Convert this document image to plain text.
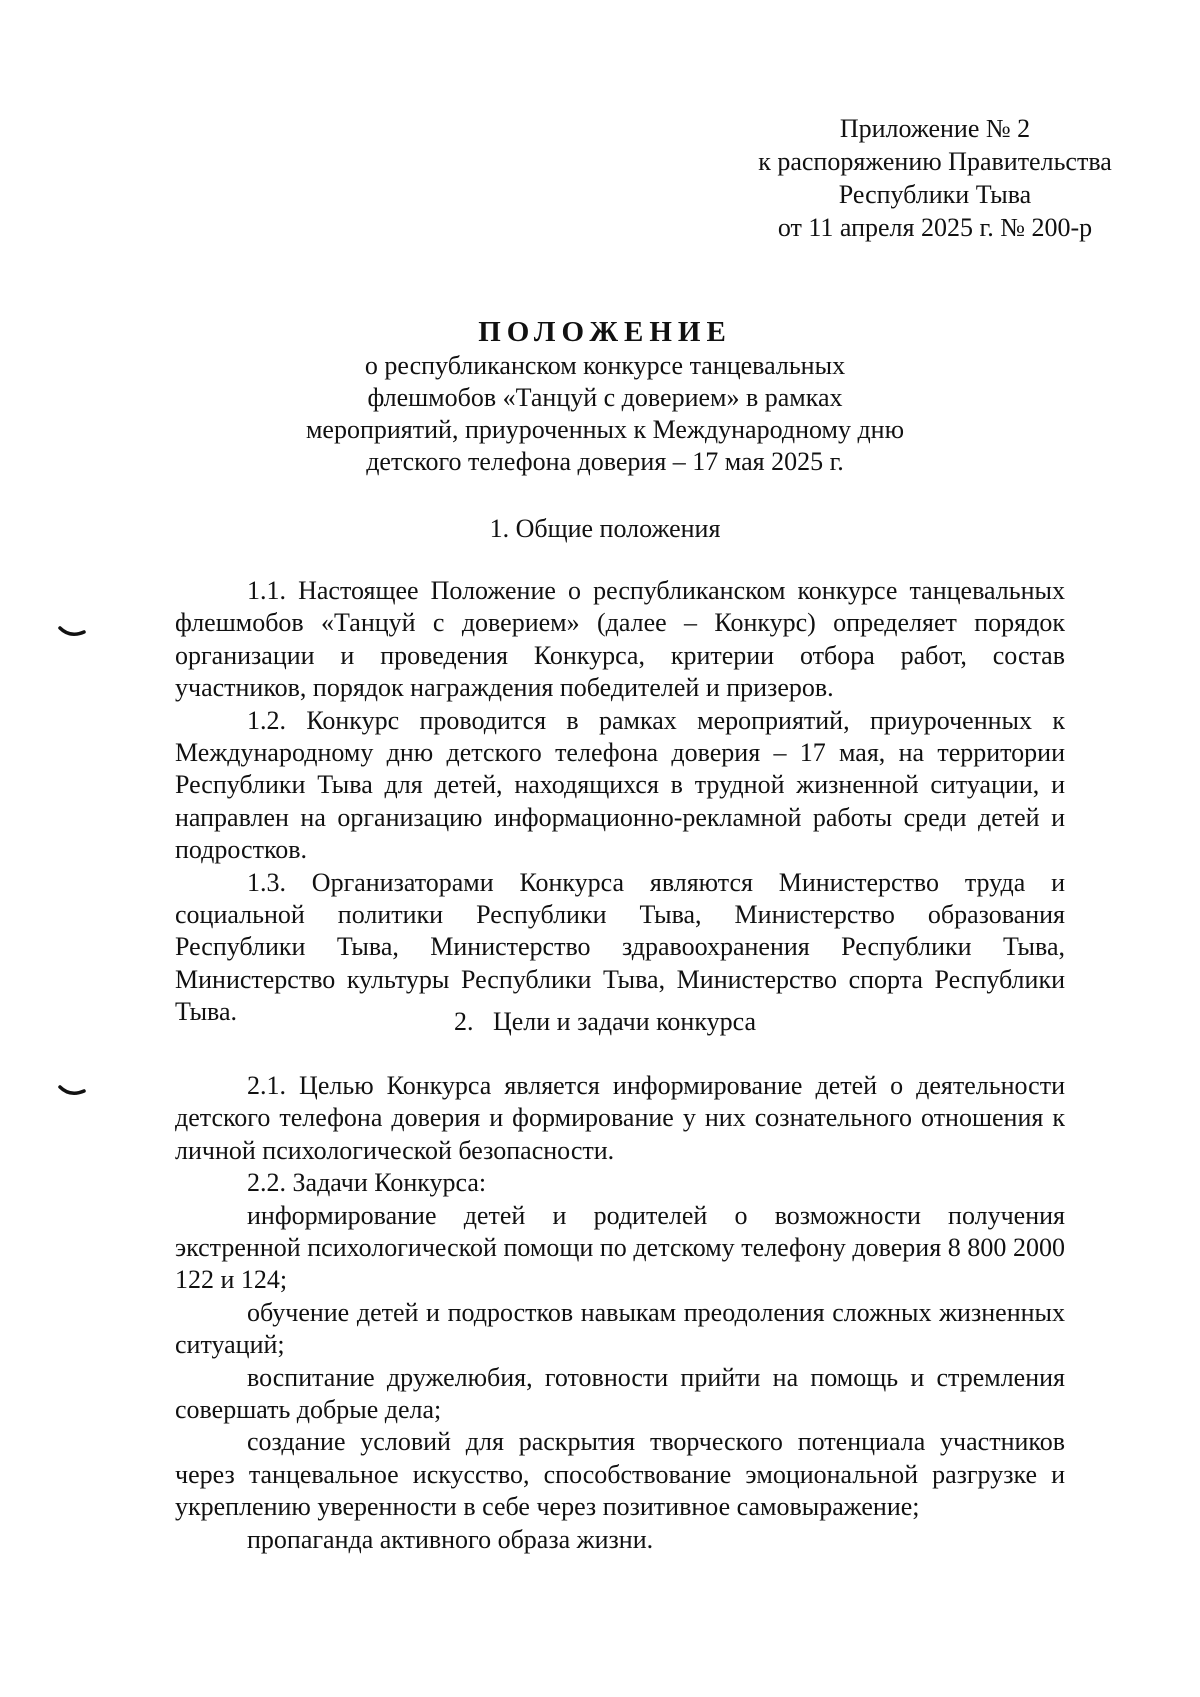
Приложение № 2
к распоряжению Правительства
Республики Тыва
от 11 апреля 2025 г. № 200-р
ПОЛОЖЕНИЕ
о республиканском конкурсе танцевальных
флешмобов «Танцуй с доверием» в рамках
мероприятий, приуроченных к Международному дню
детского телефона доверия – 17 мая 2025 г.
1. Общие положения

1.1. Настоящее Положение о республиканском конкурсе танцевальных флешмобов «Танцуй с доверием» (далее – Конкурс) определяет порядок организации и проведения Конкурса, критерии отбора работ, состав участников, порядок награждения победителей и призеров.

1.2. Конкурс проводится в рамках мероприятий, приуроченных к Международному дню детского телефона доверия – 17 мая, на территории Республики Тыва для детей, находящихся в трудной жизненной ситуации, и направлен на организацию информационно-рекламной работы среди детей и подростков.

1.3. Организаторами Конкурса являются Министерство труда и социальной политики Республики Тыва, Министерство образования Республики Тыва, Министерство здравоохранения Республики Тыва, Министерство культуры Республики Тыва, Министерство спорта Республики Тыва.	2.   Цели и задачи конкурса

2.1. Целью Конкурса является информирование детей о деятельности детского телефона доверия и формирование у них сознательного отношения к личной психологической безопасности.

2.2. Задачи Конкурса:

информирование детей и родителей о возможности получения экстренной психологической помощи по детскому телефону доверия 8 800 2000 122 и 124;

обучение детей и подростков навыкам преодоления сложных жизненных ситуаций;

воспитание дружелюбия, готовности прийти на помощь и стремления совершать добрые дела;

создание условий для раскрытия творческого потенциала участников через танцевальное искусство, способствование эмоциональной разгрузке и укреплению уверенности в себе через позитивное самовыражение;

пропаганда активного образа жизни.
